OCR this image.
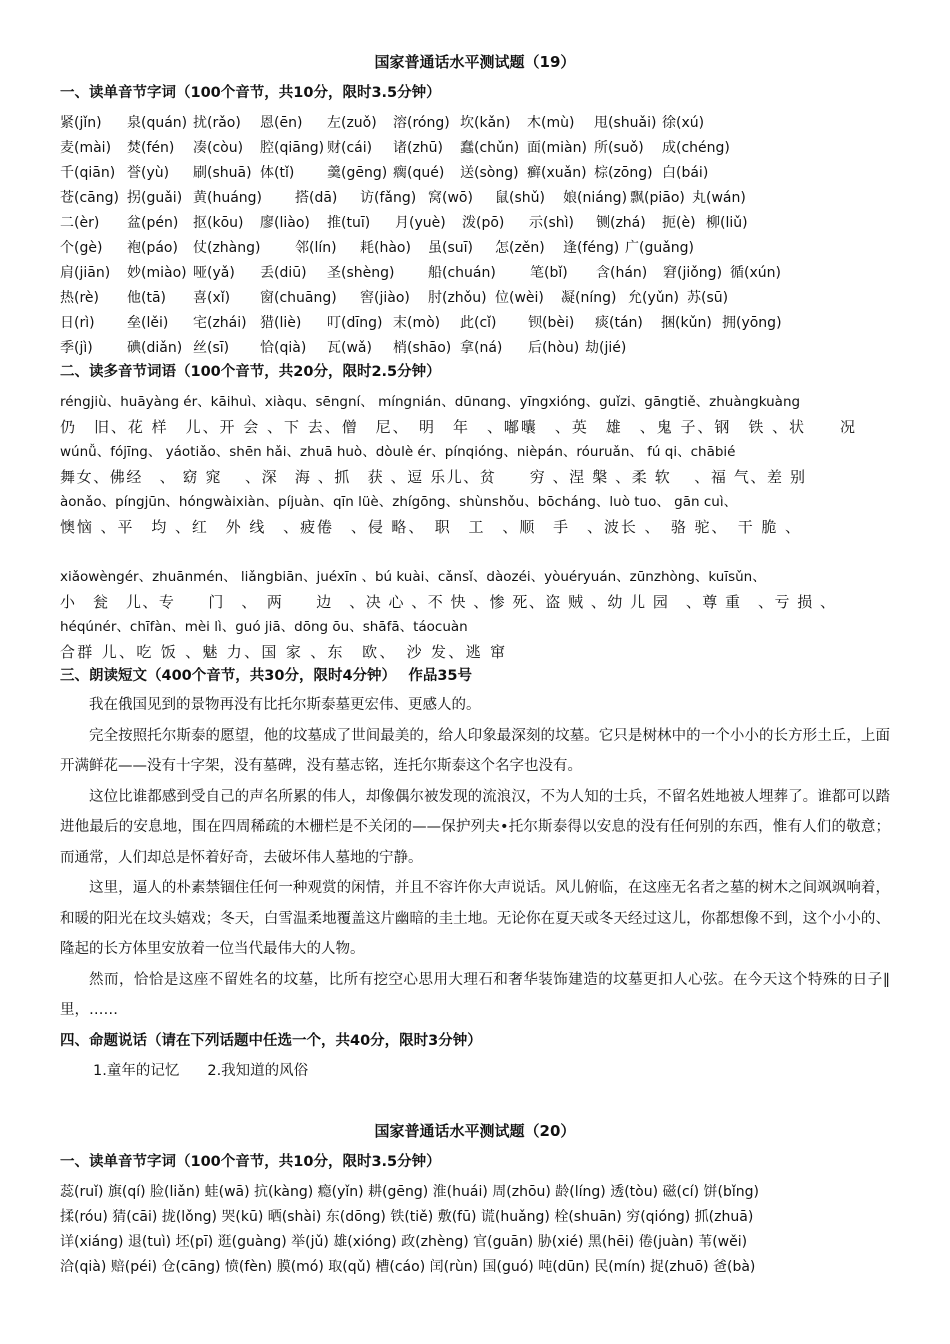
国家普通话水平测试题（19）
一、读单音节字词（100个音节，共10分，限时3.5分钟）
紧(jǐn) 泉(quán) 扰(rǎo) 恩(ēn) 左(zuǒ) 溶(róng) 坎(kǎn) 木(mù) 甩(shuǎi) 徐(xú)
麦(mài) 焚(fén) 凑(còu) 腔(qiāng) 财(cái) 诸(zhū) 蠢(chǔn) 面(miàn) 所(suǒ) 成(chéng)
千(qiān) 誉(yù) 刷(shuā) 体(tǐ) 羹(gēng) 瘸(qué) 送(sòng) 癣(xuǎn) 棕(zōng) 白(bái)
苍(cāng) 拐(guǎi) 黄(huáng) 搭(dā) 访(fǎng) 窝(wō) 鼠(shǔ) 娘(niáng) 飘(piāo) 丸(wán)
二(èr) 盆(pén) 抠(kōu) 廖(liào) 推(tuī) 月(yuè) 泼(pō) 示(shì) 铡(zhá) 扼(è) 柳(liǔ)
个(gè) 袍(páo) 仗(zhàng) 邻(lín) 耗(hào) 虽(suī) 怎(zěn) 逢(féng) 广(guǎng)
肩(jiān) 妙(miào) 哑(yǎ) 丢(diū) 圣(shèng) 船(chuán) 笔(bǐ) 含(hán) 窘(jiǒng) 循(xún)
热(rè) 他(tā) 喜(xǐ) 窗(chuāng) 窖(jiào) 肘(zhǒu) 位(wèi) 凝(níng) 允(yǔn) 苏(sū)
日(rì) 垒(lěi) 宅(zhái) 猎(liè) 叮(dīng) 末(mò) 此(cǐ) 钡(bèi) 痰(tán) 捆(kǔn) 拥(yōng)
季(jì) 碘(diǎn) 丝(sī) 恰(qià) 瓦(wǎ) 梢(shāo) 拿(ná) 后(hòu) 劫(jié)
二、读多音节词语（100个音节，共20分，限时2.5分钟）
réngjiù、huāyàng ér、kāihuì、xiàqu、sēngní、 míngnián、dūnɑnɡ、yīngxióng、guǐzi、gāngtiě、zhuàngkuàng
仍　旧、花 样　儿、开 会 、下 去、僧　尼、　明　年　、嘟囔　、英　雄　、鬼 子、钢　铁 、状　　况
wúnǚ、fójīng、 yáotiǎo、shēn hǎi、zhuā huò、dòulè ér、pínqióng、nièpán、róuruǎn、 fú qi、chābié
舞女、佛经　、 窈 窕 　、深　海 、抓　获 、逗 乐儿、贫　　穷 、涅 槃 、柔 软 　、福 气、差 别
àonǎo、píngjūn、hóngwàixiàn、píjuàn、qīn lüè、zhígōng、shùnshǒu、bōcháng、luò tuo、 gān cuì、
懊恼 、平　均 、红　外 线　、疲倦　、侵 略、　职　工　、顺　手　、波长 、　骆 驼、　干 脆 、
xiǎowèngér、zhuānmén、 liǎngbiān、juéxīn 、bú kuài、cǎnsǐ、dàozéi、yòuéryuán、zūnzhòng、kuīsǔn、
小　瓮　儿、专　　门　、　两　　边　、决 心 、不 快 、惨 死、盗 贼 、幼 儿 园　、尊 重　、亏 损 、
héqúnér、chīfàn、mèi lì、guó jiā、dōng ōu、shāfā、táocuàn
合群 儿、吃 饭 、魅 力、国 家 、东　欧、　沙 发、逃 窜
三、朗读短文（400个音节，共30分，限时4分钟）　 作品35号

我在俄国见到的景物再没有比托尔斯泰墓更宏伟、更感人的。

完全按照托尔斯泰的愿望，他的坟墓成了世间最美的，给人印象最深刻的坟墓。它只是树林中的一个小小的长方形土丘，上面开满鲜花——没有十字架，没有墓碑，没有墓志铭，连托尔斯泰这个名字也没有。

这位比谁都感到受自己的声名所累的伟人，却像偶尔被发现的流浪汉，不为人知的士兵，不留名姓地被人埋葬了。谁都可以踏进他最后的安息地，围在四周稀疏的木栅栏是不关闭的——保护列夫•托尔斯泰得以安息的没有任何别的东西，惟有人们的敬意；而通常，人们却总是怀着好奇，去破坏伟人墓地的宁静。

这里，逼人的朴素禁锢住任何一种观赏的闲情，并且不容许你大声说话。风儿俯临，在这座无名者之墓的树木之间飒飒响着，和暖的阳光在坟头嬉戏；冬天，白雪温柔地覆盖这片幽暗的圭土地。无论你在夏天或冬天经过这儿，你都想像不到，这个小小的、隆起的长方体里安放着一位当代最伟大的人物。

然而，恰恰是这座不留姓名的坟墓，比所有挖空心思用大理石和奢华装饰建造的坟墓更扣人心弦。在今天这个特殊的日子∥里，……

四、命题说话（请在下列话题中任选一个，共40分，限时3分钟）
1.童年的记忆 2.我知道的风俗
国家普通话水平测试题（20）
一、读单音节字词（100个音节，共10分，限时3.5分钟）
蕊(ruǐ) 旗(qí) 脸(liǎn) 蛙(wā) 抗(kàng) 瘾(yǐn) 耕(gēng) 淮(huái) 周(zhōu) 龄(líng) 透(tòu) 磁(cí) 饼(bǐng)
揉(róu) 猜(cāi) 拢(lǒng) 哭(kū) 晒(shài) 东(dōng) 铁(tiě) 敷(fū) 谎(huǎng) 栓(shuān) 穷(qióng) 抓(zhuā)
详(xiáng) 退(tuì) 坯(pī) 逛(guàng) 举(jǔ) 雄(xióng) 政(zhèng) 官(guān) 胁(xié) 黑(hēi) 倦(juàn) 苇(wěi)
洽(qià) 赔(péi) 仓(cāng) 愤(fèn) 膜(mó) 取(qǔ) 槽(cáo) 闰(rùn) 国(guó) 吨(dūn) 民(mín) 捉(zhuō) 爸(bà)
